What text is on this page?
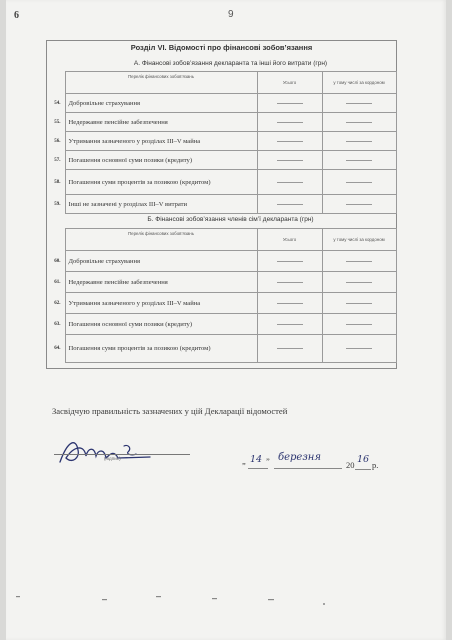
6	9
Розділ VI. Відомості про фінансові зобов’язання
А. Фінансові зобов’язання декларанта та інші його витрати (грн)
	Перелік фінансових зобов’язань	Усього	у тому числі за кордоном
54.	Добровільне страхування		
55.	Недержавне пенсійне забезпечення		
56.	Утримання зазначеного у розділах III–V майна		
57.	Погашення основної суми позики (кредиту)		
58.	Погашення суми процентів за позикою (кредитом)		
59.	Інші не зазначені у розділах III–V витрати		
Б. Фінансові зобов’язання членів сім’ї декларанта (грн)
	Перелік фінансових зобов’язань	Усього	у тому числі за кордоном
60.	Добровільне страхування		
61.	Недержавне пенсійне забезпечення		
62.	Утримання зазначеного у розділах III–V майна		
63.	Погашення основної суми позики (кредиту)		
64.	Погашення суми процентів за позикою (кредитом)		
Засвідчую правильність зазначених у цій Декларації відомостей
(підпис)	„ 14 ” березня
20 16 р.
